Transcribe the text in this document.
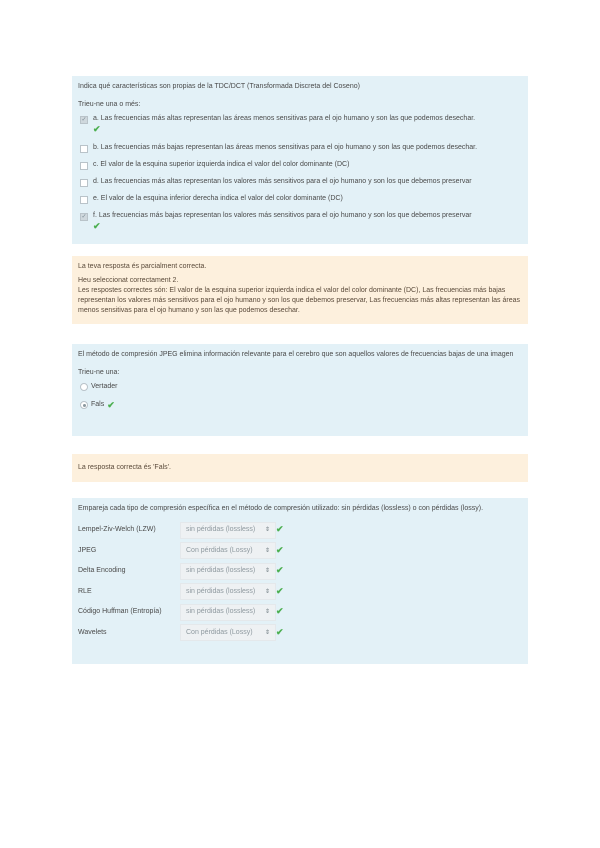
Indica qué características son propias de la TDC/DCT (Transformada Discreta del Coseno)

Trieu-ne una o més:

✓ a. Las frecuencias más altas representan las áreas menos sensitivas para el ojo humano y son las que podemos desechar.
✔
b. Las frecuencias más bajas representan las áreas menos sensitivas para el ojo humano y son las que podemos desechar.
c. El valor de la esquina superior izquierda indica el valor del color dominante (DC)
d. Las frecuencias más altas representan los valores más sensitivos para el ojo humano y son los que debemos preservar
e. El valor de la esquina inferior derecha indica el valor del color dominante (DC)
✓ f. Las frecuencias más bajas representan los valores más sensitivos para el ojo humano y son los que debemos preservar
✔
La teva resposta és parcialment correcta.
Heu seleccionat correctament 2.
Les respostes correctes són: El valor de la esquina superior izquierda indica el valor del color dominante (DC), Las frecuencias más bajas representan los valores más sensitivos para el ojo humano y son los que debemos preservar, Las frecuencias más altas representan las áreas menos sensitivas para el ojo humano y son las que podemos desechar.

El método de compresión JPEG elimina información relevante para el cerebro que son aquellos valores de frecuencias bajas de una imagen

Trieu-ne una:

Vertader
Fals ✔
La resposta correcta és 'Fals'.

Empareja cada tipo de compresión específica en el método de compresión utilizado: sin pérdidas (lossless) o con pérdidas (lossy).

Lempel-Ziv-Welch (LZW)	sin pérdidas (lossless) ⇕	✔
JPEG	Con pérdidas (Lossy) ⇕	✔
Delta Encoding	sin pérdidas (lossless) ⇕	✔
RLE	sin pérdidas (lossless) ⇕	✔
Código Huffman (Entropía)	sin pérdidas (lossless) ⇕	✔
Wavelets	Con pérdidas (Lossy) ⇕	✔
